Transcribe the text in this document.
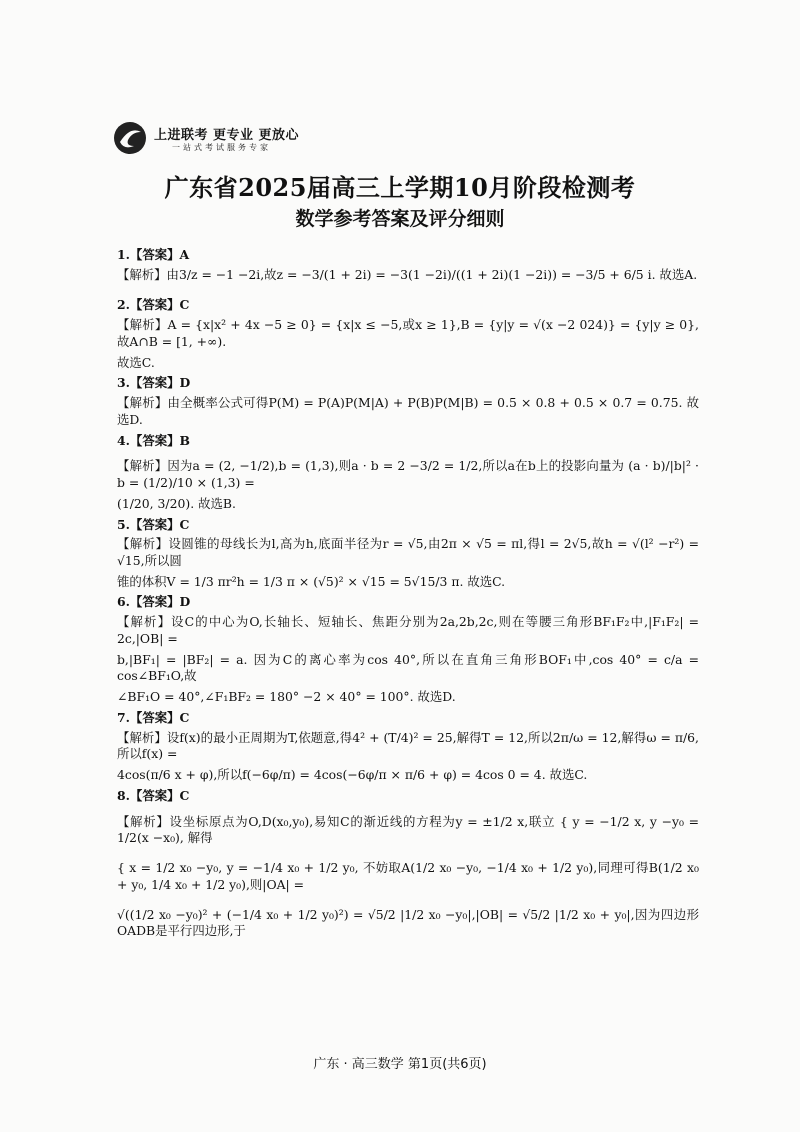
上进联考 更专业 更放心
一站式考试服务专家
广东省2025届高三上学期10月阶段检测考
数学参考答案及评分细则
1.【答案】A
【解析】由3/z = −1 −2i,故z = −3/(1 + 2i) = −3(1 −2i)/((1 + 2i)(1 −2i)) = −3/5 + 6/5 i. 故选A.
2.【答案】C
【解析】A = {x|x² + 4x −5 ≥ 0} = {x|x ≤ −5,或x ≥ 1},B = {y|y = √(x −2 024)} = {y|y ≥ 0},故A∩B = [1, +∞).
故选C.
3.【答案】D
【解析】由全概率公式可得P(M) = P(A)P(M|A) + P(B)P(M|B) = 0.5 × 0.8 + 0.5 × 0.7 = 0.75. 故选D.
4.【答案】B
【解析】因为a = (2, −1/2),b = (1,3),则a · b = 2 −3/2 = 1/2,所以a在b上的投影向量为 (a · b)/|b|² · b = (1/2)/10 × (1,3) =
(1/20, 3/20). 故选B.
5.【答案】C
【解析】设圆锥的母线长为l,高为h,底面半径为r = √5,由2π × √5 = πl,得l = 2√5,故h = √(l² −r²) = √15,所以圆
锥的体积V = 1/3 πr²h = 1/3 π × (√5)² × √15 = 5√15/3 π. 故选C.
6.【答案】D
【解析】设C的中心为O,长轴长、短轴长、焦距分别为2a,2b,2c,则在等腰三角形BF₁F₂中,|F₁F₂| = 2c,|OB| =
b,|BF₁| = |BF₂| = a. 因为C的离心率为cos 40°,所以在直角三角形BOF₁中,cos 40° = c/a = cos∠BF₁O,故
∠BF₁O = 40°,∠F₁BF₂ = 180° −2 × 40° = 100°. 故选D.
7.【答案】C
【解析】设f(x)的最小正周期为T,依题意,得4² + (T/4)² = 25,解得T = 12,所以2π/ω = 12,解得ω = π/6,所以f(x) =
4cos(π/6 x + φ),所以f(−6φ/π) = 4cos(−6φ/π × π/6 + φ) = 4cos 0 = 4. 故选C.
8.【答案】C
【解析】设坐标原点为O,D(x₀,y₀),易知C的渐近线的方程为y = ±1/2 x,联立 { y = −1/2 x, y −y₀ = 1/2(x −x₀), 解得
{ x = 1/2 x₀ −y₀, y = −1/4 x₀ + 1/2 y₀, 不妨取A(1/2 x₀ −y₀, −1/4 x₀ + 1/2 y₀),同理可得B(1/2 x₀ + y₀, 1/4 x₀ + 1/2 y₀),则|OA| =
√((1/2 x₀ −y₀)² + (−1/4 x₀ + 1/2 y₀)²) = √5/2 |1/2 x₀ −y₀|,|OB| = √5/2 |1/2 x₀ + y₀|,因为四边形OADB是平行四边形,于
广东 · 高三数学 第1页(共6页)
